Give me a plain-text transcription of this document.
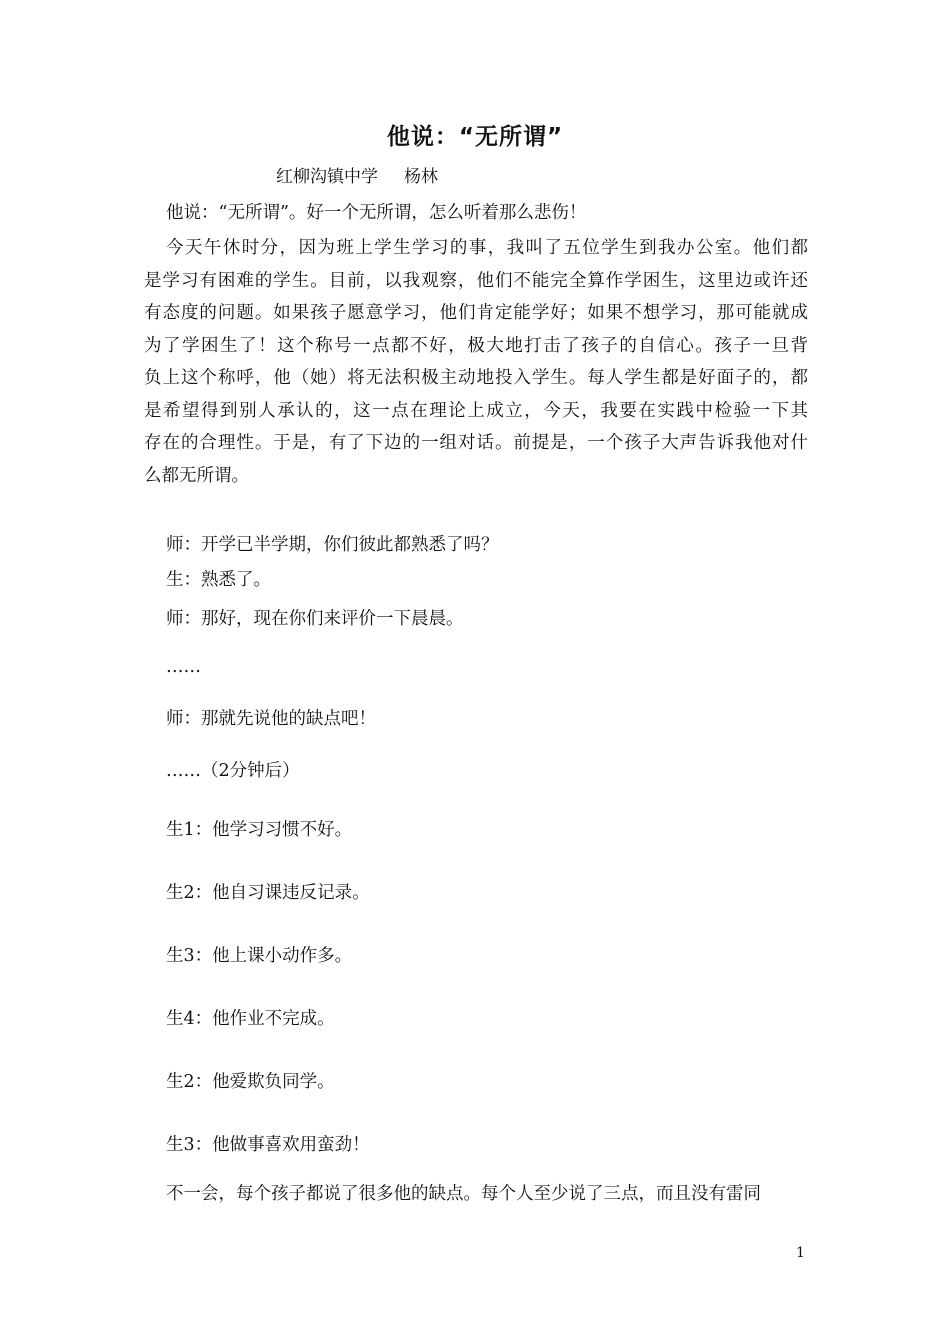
他说：“无所谓”
红柳沟镇中学 杨林
他说：“无所谓”。好一个无所谓，怎么听着那么悲伤！
今天午休时分，因为班上学生学习的事，我叫了五位学生到我办公室。他们都
是学习有困难的学生。目前，以我观察，他们不能完全算作学困生，这里边或许还
有态度的问题。如果孩子愿意学习，他们肯定能学好；如果不想学习，那可能就成
为了学困生了！这个称号一点都不好，极大地打击了孩子的自信心。孩子一旦背
负上这个称呼，他（她）将无法积极主动地投入学生。每人学生都是好面子的，都
是希望得到别人承认的，这一点在理论上成立，今天，我要在实践中检验一下其
存在的合理性。于是，有了下边的一组对话。前提是，一个孩子大声告诉我他对什
么都无所谓。
师：开学已半学期，你们彼此都熟悉了吗？
生：熟悉了。
师：那好，现在你们来评价一下晨晨。
……
师：那就先说他的缺点吧！
……（2分钟后）
生1：他学习习惯不好。
生2：他自习课违反记录。
生3：他上课小动作多。
生4：他作业不完成。
生2：他爱欺负同学。
生3：他做事喜欢用蛮劲！
不一会，每个孩子都说了很多他的缺点。每个人至少说了三点，而且没有雷同
1
